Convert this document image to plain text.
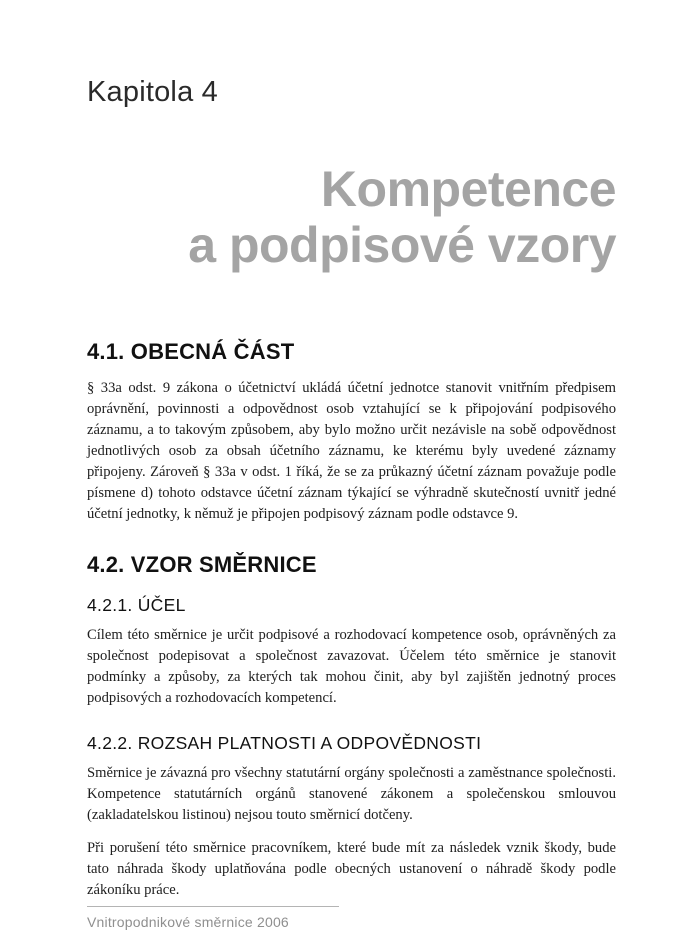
Kapitola 4
Kompetence
a podpisové vzory
4.1. OBECNÁ ČÁST
§ 33a odst. 9 zákona o účetnictví ukládá účetní jednotce stanovit vnitřním předpisem oprávnění, povinnosti a odpovědnost osob vztahující se k připojování podpisového záznamu, a to takovým způsobem, aby bylo možno určit nezávisle na sobě odpovědnost jednotlivých osob za obsah účetního záznamu, ke kterému byly uvedené záznamy připojeny. Zároveň § 33a v odst. 1 říká, že se za průkazný účetní záznam považuje podle písmene d) tohoto odstavce účetní záznam týkající se výhradně skutečností uvnitř jedné účetní jednotky, k němuž je připojen podpisový záznam podle odstavce 9.
4.2. VZOR SMĚRNICE
4.2.1. ÚČEL
Cílem této směrnice je určit podpisové a rozhodovací kompetence osob, oprávněných za společnost podepisovat a společnost zavazovat. Účelem této směrnice je stanovit podmínky a způsoby, za kterých tak mohou činit, aby byl zajištěn jednotný proces podpisových a rozhodovacích kompetencí.
4.2.2. ROZSAH PLATNOSTI A ODPOVĚDNOSTI
Směrnice je závazná pro všechny statutární orgány společnosti a zaměstnance společnosti. Kompetence statutárních orgánů stanovené zákonem a společenskou smlouvou (zakladatelskou listinou) nejsou touto směrnicí dotčeny.
Při porušení této směrnice pracovníkem, které bude mít za následek vznik škody, bude tato náhrada škody uplatňována podle obecných ustanovení o náhradě škody podle zákoníku práce.
Vnitropodnikové směrnice 2006
